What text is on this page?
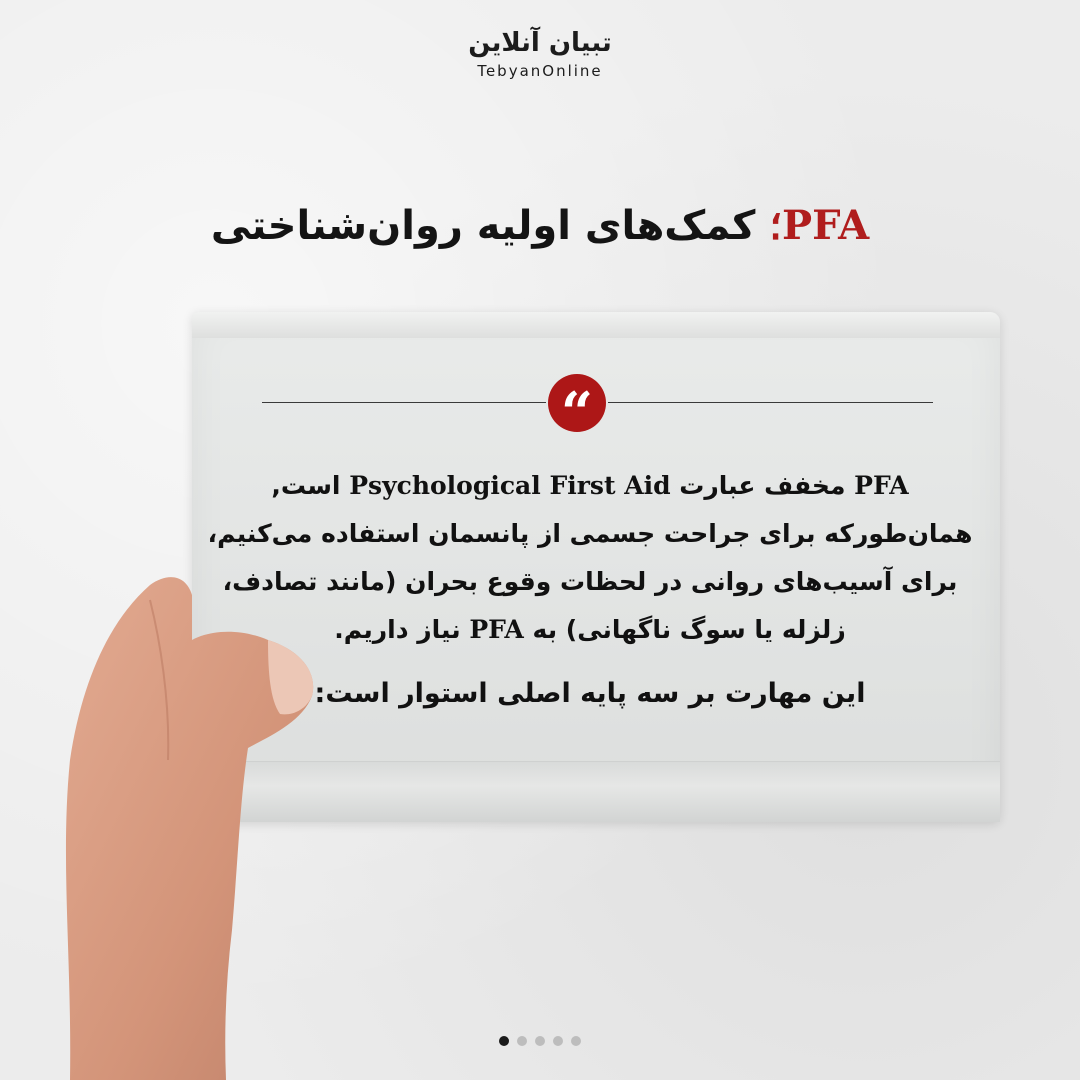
تبیان آنلاین
TebyanOnline
PFA؛ کمک‌های اولیه روان‌شناختی
“
PFA مخفف عبارت Psychological First Aid است,
همان‌طورکه برای جراحت جسمی از پانسمان استفاده می‌کنیم،
برای آسیب‌های روانی در لحظات وقوع بحران (مانند تصادف،
زلزله یا سوگ ناگهانی) به PFA نیاز داریم.
این مهارت بر سه پایه اصلی استوار است:
